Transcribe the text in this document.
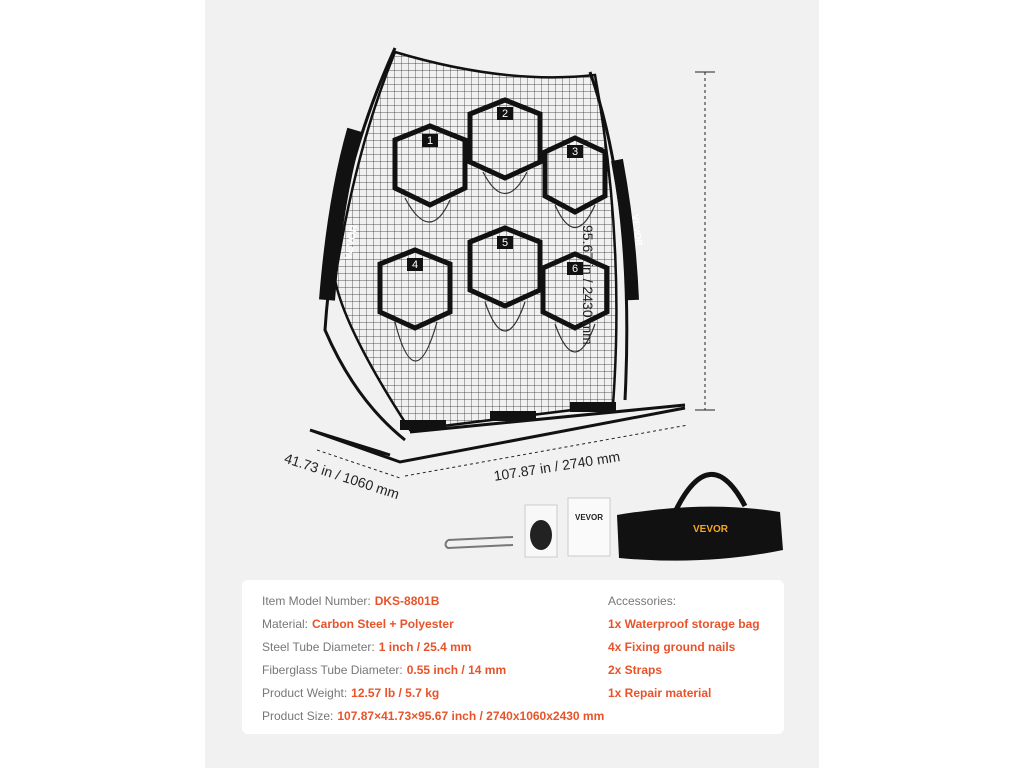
VEVOR	VEVOR
1
2
3
4
5
6
VEVOR
VEVOR
95.67 in / 2430 mm
107.87 in / 2740 mm
41.73 in / 1060 mm
Item Model Number: DKS-8801B
Material: Carbon Steel + Polyester
Steel Tube Diameter: 1 inch / 25.4 mm
Fiberglass Tube Diameter: 0.55 inch / 14 mm
Product Weight: 12.57 lb / 5.7 kg
Product Size: 107.87×41.73×95.67 inch / 2740x1060x2430 mm
Accessories:
1x Waterproof storage bag
4x Fixing ground nails
2x Straps
1x Repair material
